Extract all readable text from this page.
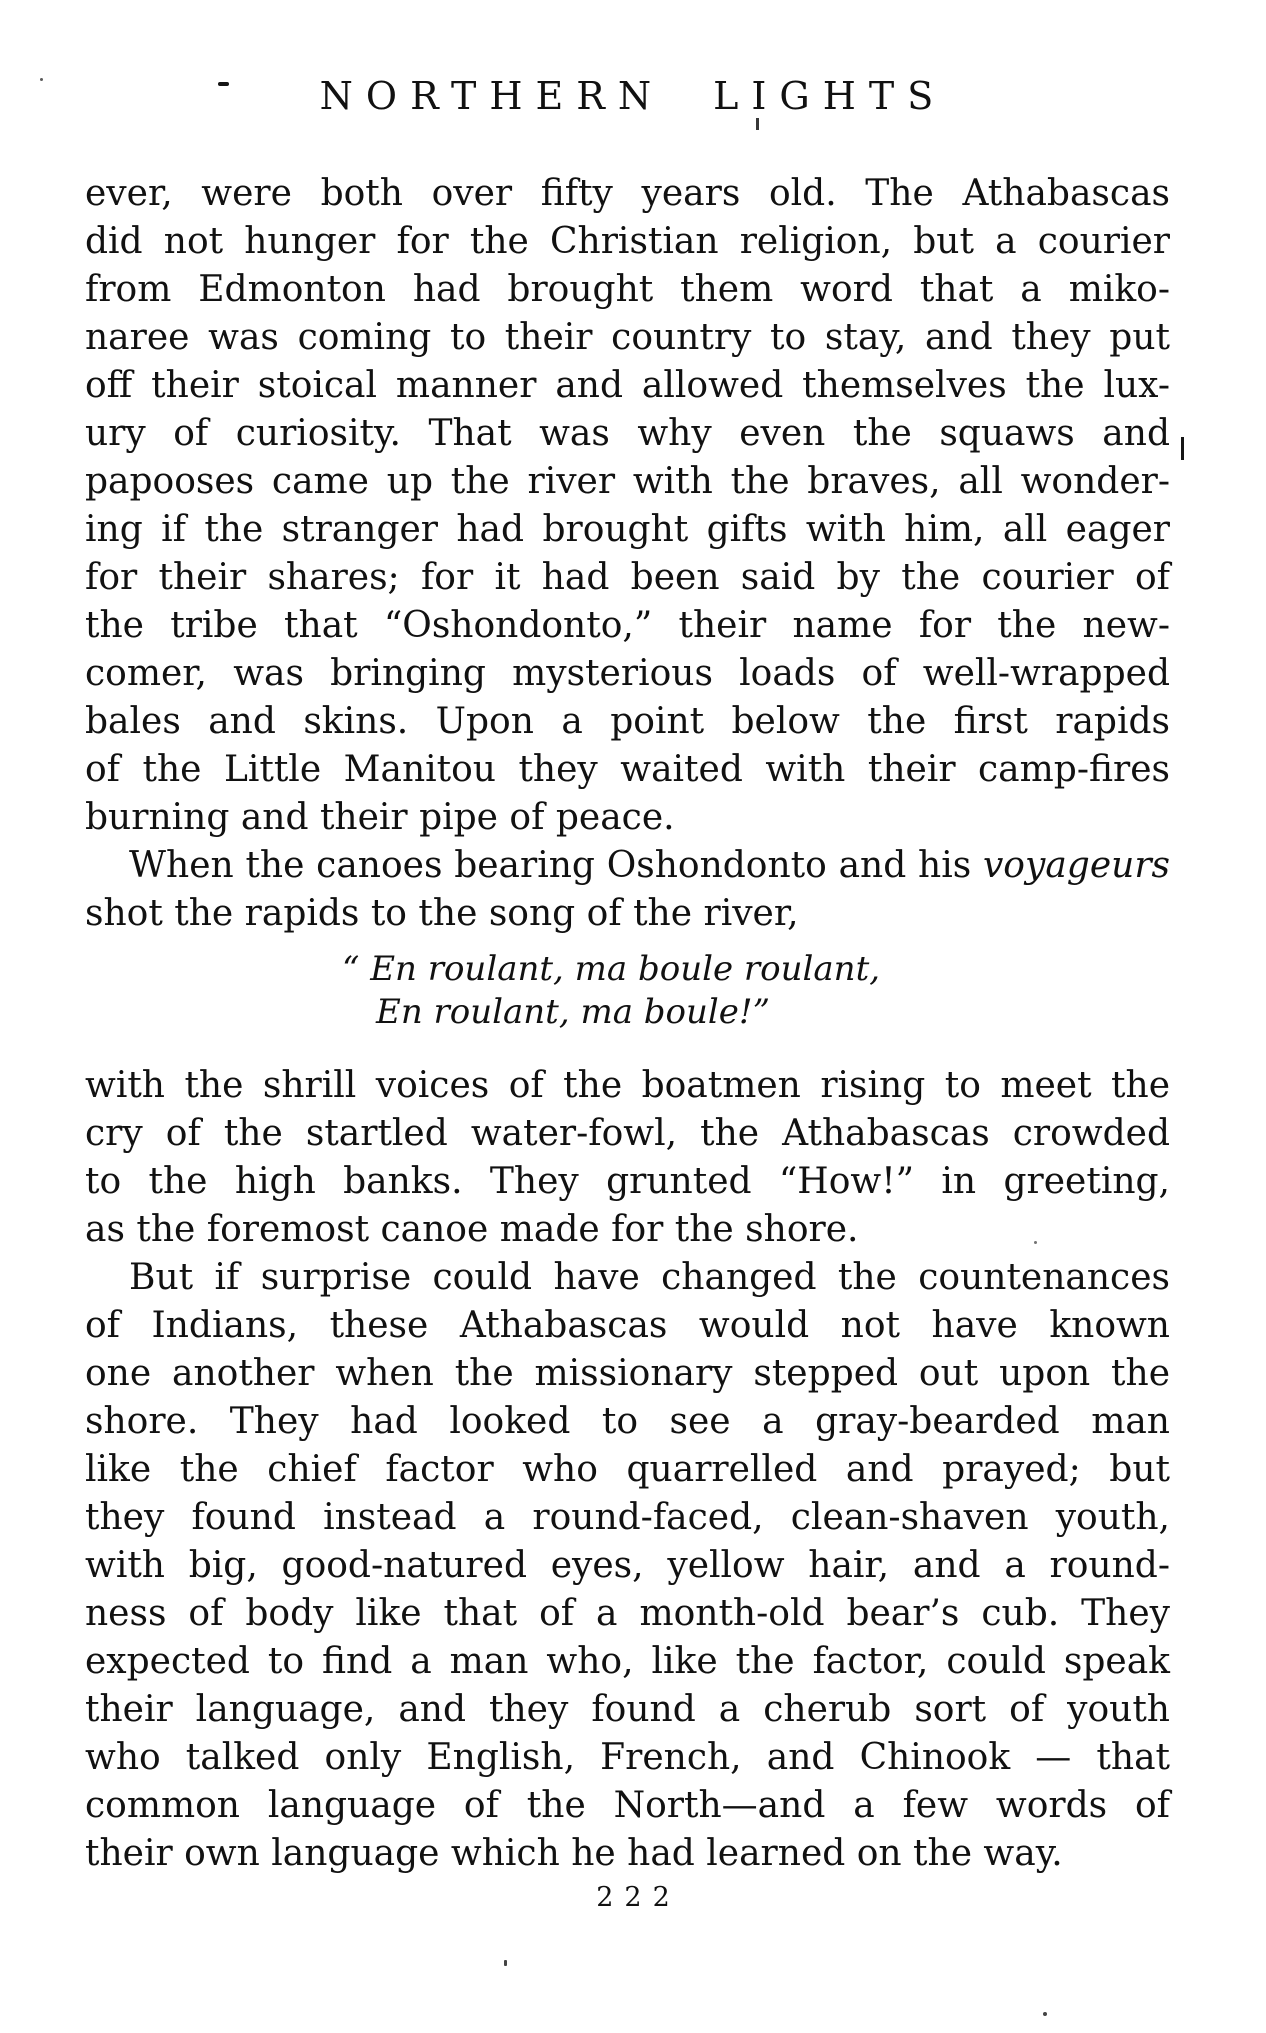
NORTHERN LIGHTS
ever, were both over fifty years old. The Athabascas
did not hunger for the Christian religion, but a courier
from Edmonton had brought them word that a miko-
naree was coming to their country to stay, and they put
off their stoical manner and allowed themselves the lux-
ury of curiosity. That was why even the squaws and
papooses came up the river with the braves, all wonder-
ing if the stranger had brought gifts with him, all eager
for their shares; for it had been said by the courier of
the tribe that “Oshondonto,” their name for the new-
comer, was bringing mysterious loads of well-wrapped
bales and skins. Upon a point below the first rapids
of the Little Manitou they waited with their camp-fires
burning and their pipe of peace.
When the canoes bearing Oshondonto and his voyageurs
shot the rapids to the song of the river,
“ En roulant, ma boule roulant,
En roulant, ma boule!”
with the shrill voices of the boatmen rising to meet the
cry of the startled water-fowl, the Athabascas crowded
to the high banks. They grunted “How!” in greeting,
as the foremost canoe made for the shore.
But if surprise could have changed the countenances
of Indians, these Athabascas would not have known
one another when the missionary stepped out upon the
shore. They had looked to see a gray-bearded man
like the chief factor who quarrelled and prayed; but
they found instead a round-faced, clean-shaven youth,
with big, good-natured eyes, yellow hair, and a round-
ness of body like that of a month-old bear’s cub. They
expected to find a man who, like the factor, could speak
their language, and they found a cherub sort of youth
who talked only English, French, and Chinook — that
common language of the North—and a few words of
their own language which he had learned on the way.
222
